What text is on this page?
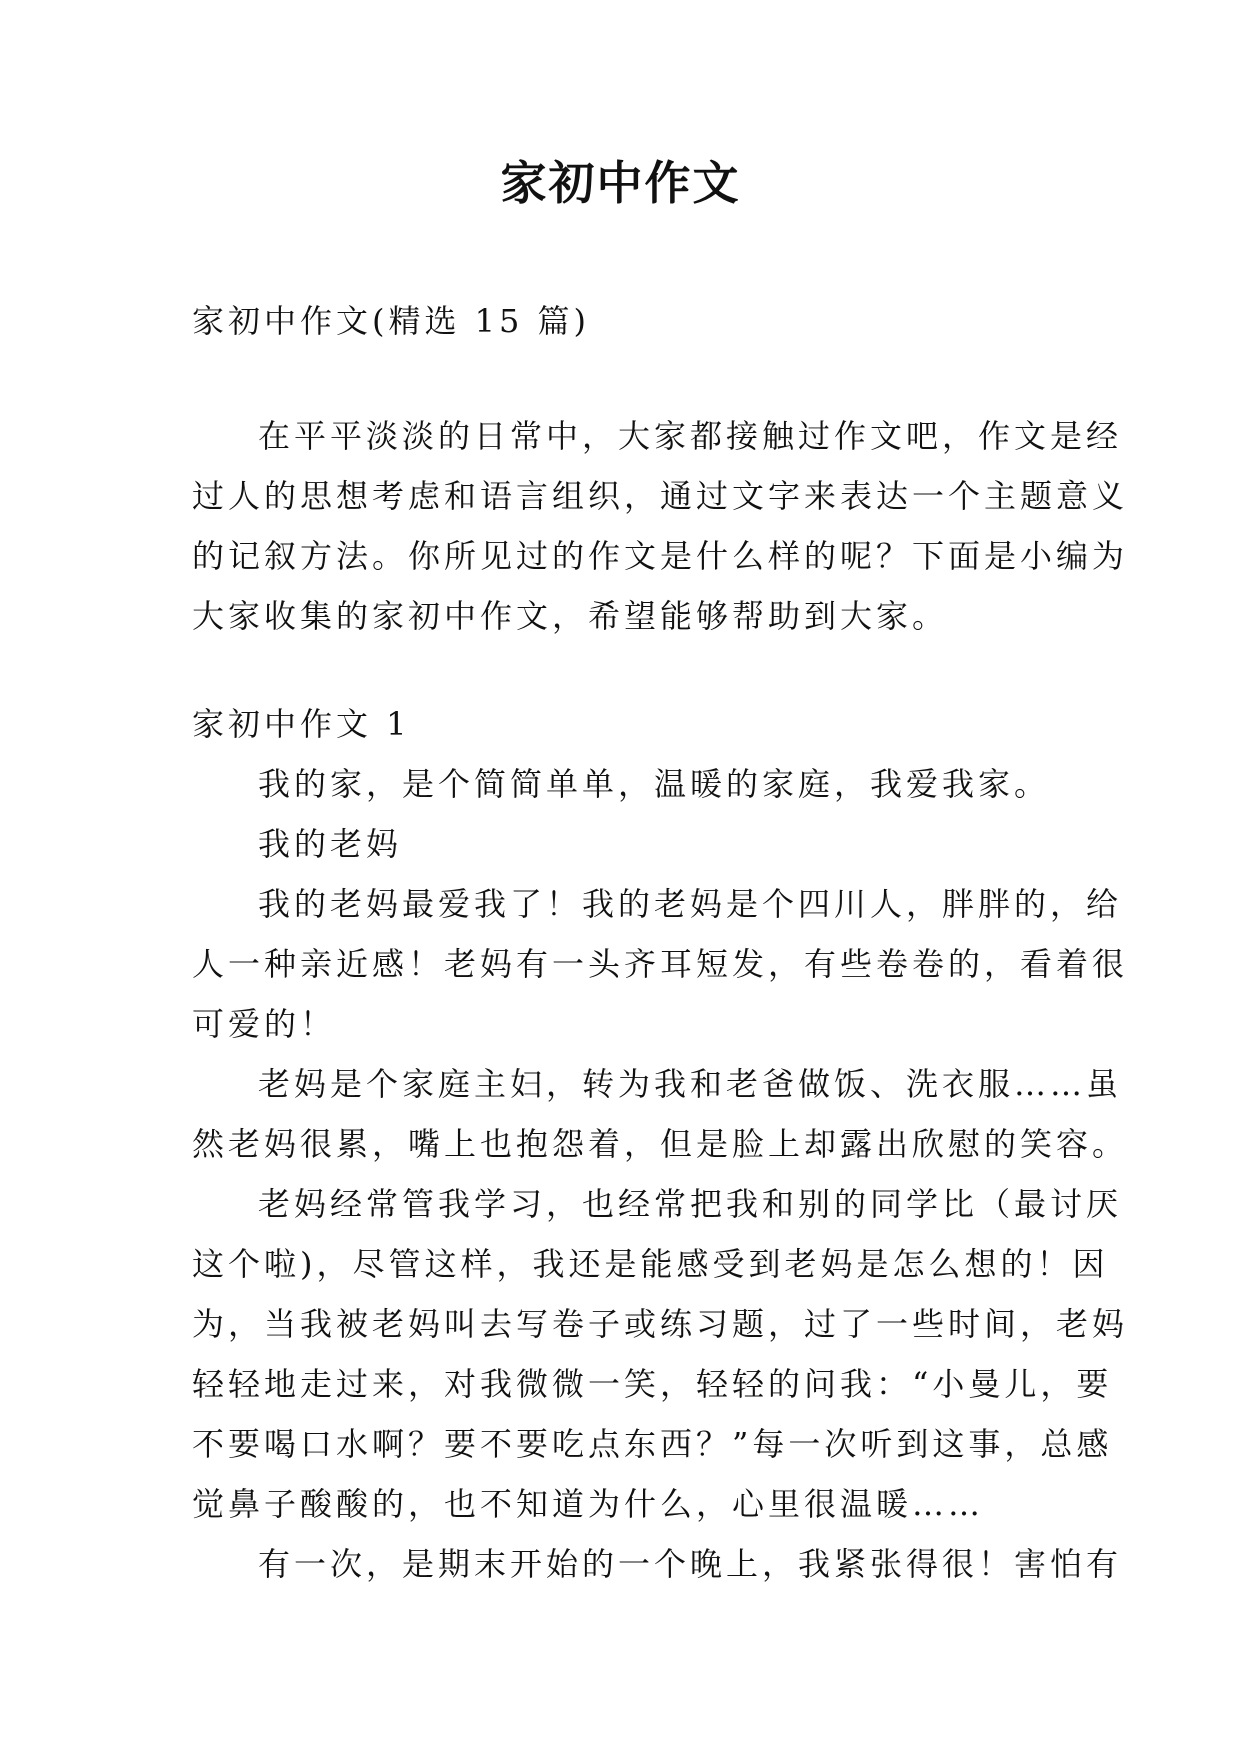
家初中作文
家初中作文(精选 15 篇)
在平平淡淡的日常中，大家都接触过作文吧，作文是经
过人的思想考虑和语言组织，通过文字来表达一个主题意义
的记叙方法。你所见过的作文是什么样的呢？下面是小编为
大家收集的家初中作文，希望能够帮助到大家。
家初中作文 1
我的家，是个简简单单，温暖的家庭，我爱我家。
我的老妈
我的老妈最爱我了！我的老妈是个四川人，胖胖的，给
人一种亲近感！老妈有一头齐耳短发，有些卷卷的，看着很
可爱的！
老妈是个家庭主妇，转为我和老爸做饭、洗衣服……虽
然老妈很累，嘴上也抱怨着，但是脸上却露出欣慰的笑容。
老妈经常管我学习，也经常把我和别的同学比（最讨厌
这个啦)，尽管这样，我还是能感受到老妈是怎么想的！因
为，当我被老妈叫去写卷子或练习题，过了一些时间，老妈
轻轻地走过来，对我微微一笑，轻轻的问我：“小曼儿，要
不要喝口水啊？要不要吃点东西？”每一次听到这事，总感
觉鼻子酸酸的，也不知道为什么，心里很温暖……
有一次，是期末开始的一个晚上，我紧张得很！害怕有
